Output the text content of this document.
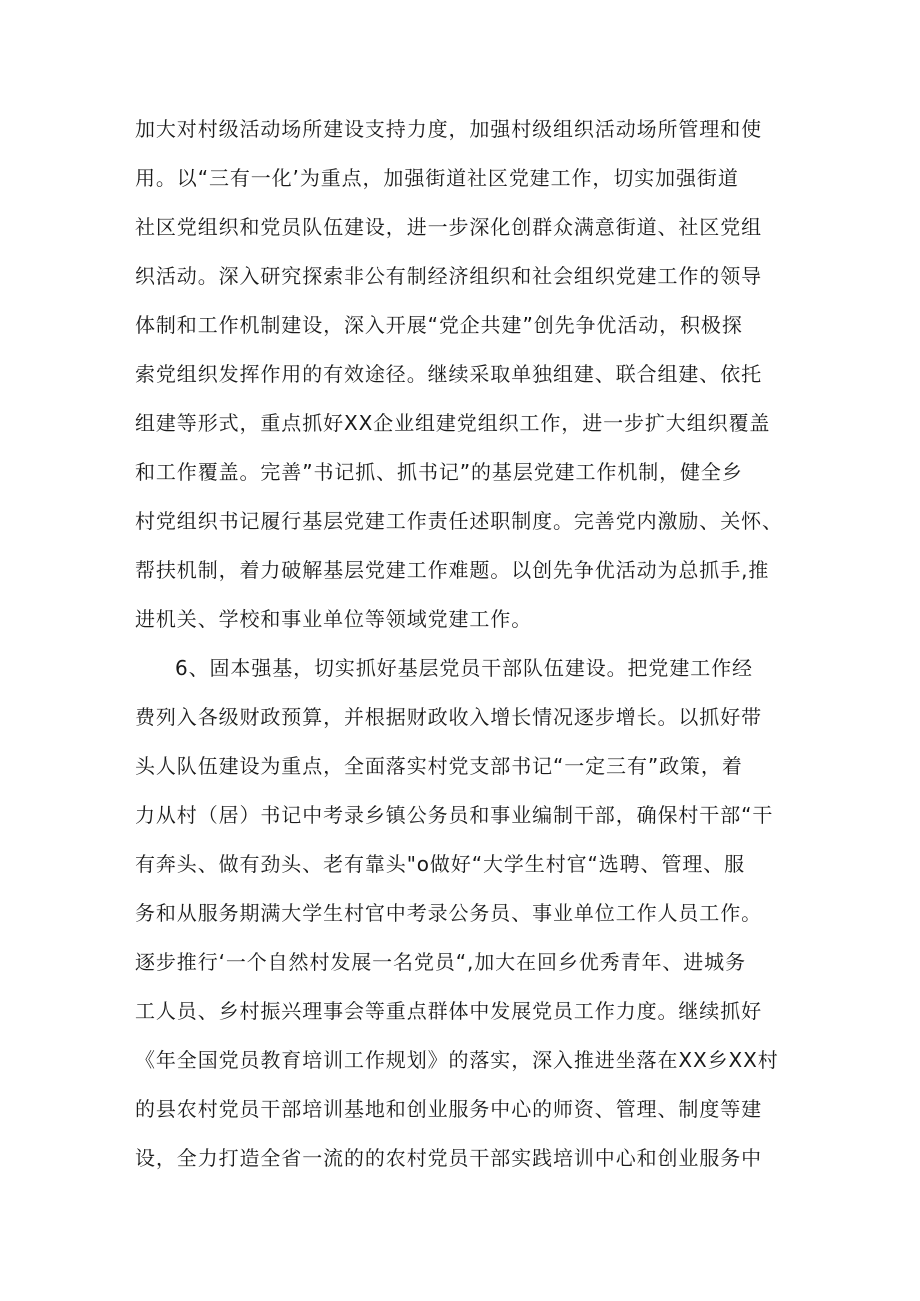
加大对村级活动场所建设支持力度，加强村级组织活动场所管理和使
用。以“三有一化’为重点，加强街道社区党建工作，切实加强街道
社区党组织和党员队伍建设，进一步深化创群众满意街道、社区党组
织活动。深入研究探索非公有制经济组织和社会组织党建工作的领导
体制和工作机制建设，深入开展“党企共建”创先争优活动，积极探
索党组织发挥作用的有效途径。继续采取单独组建、联合组建、依托
组建等形式，重点抓好XX企业组建党组织工作，进一步扩大组织覆盖
和工作覆盖。完善”书记抓、抓书记”的基层党建工作机制，健全乡
村党组织书记履行基层党建工作责任述职制度。完善党内激励、关怀、
帮扶机制，着力破解基层党建工作难题。以创先争优活动为总抓手,推
进机关、学校和事业单位等领域党建工作。
6、固本强基，切实抓好基层党员干部队伍建设。把党建工作经
费列入各级财政预算，并根据财政收入增长情况逐步增长。以抓好带
头人队伍建设为重点，全面落实村党支部书记“一定三有”政策，着
力从村（居）书记中考录乡镇公务员和事业编制干部，确保村干部“干
有奔头、做有劲头、老有靠头"o做好“大学生村官“选聘、管理、服
务和从服务期满大学生村官中考录公务员、事业单位工作人员工作。
逐步推行‘一个自然村发展一名党员“,加大在回乡优秀青年、进城务
工人员、乡村振兴理事会等重点群体中发展党员工作力度。继续抓好
《年全国党员教育培训工作规划》的落实，深入推进坐落在XX乡XX村
的县农村党员干部培训基地和创业服务中心的师资、管理、制度等建
设，全力打造全省一流的的农村党员干部实践培训中心和创业服务中
